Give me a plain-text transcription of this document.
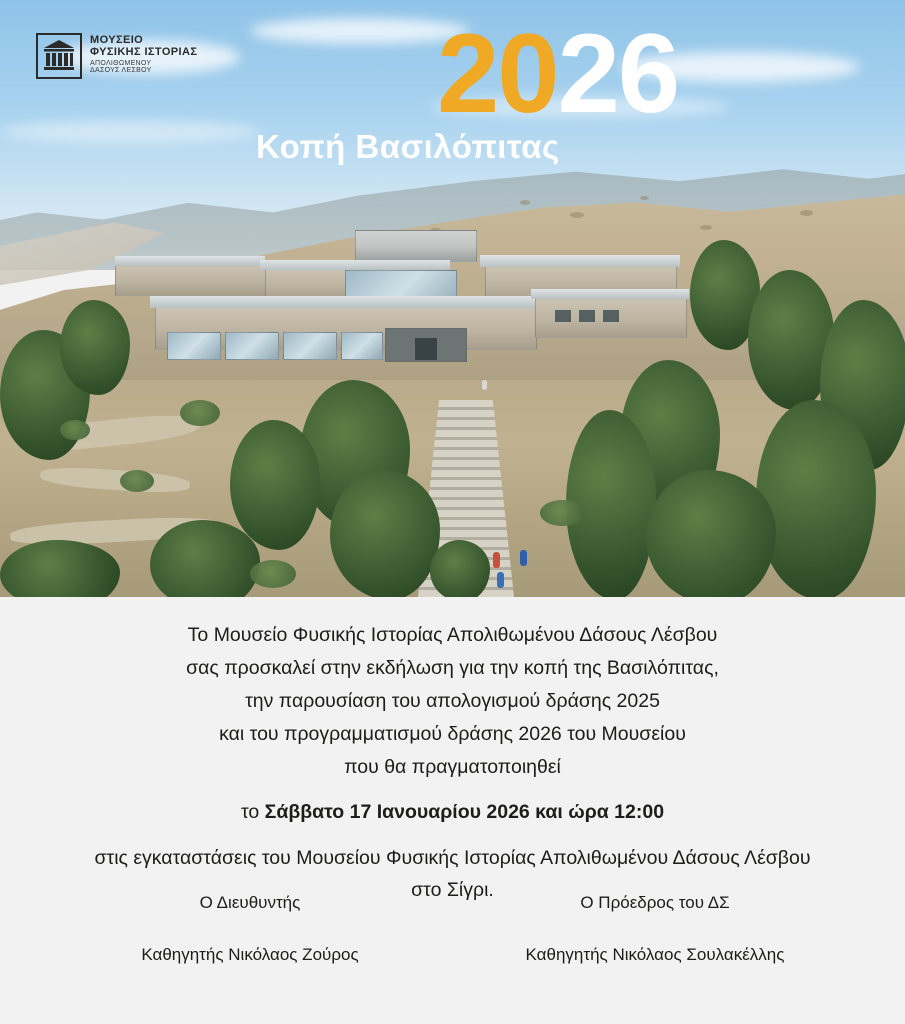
2026
Κοπή Βασιλόπιτας
ΜΟΥΣΕΙΟ
ΦΥΣΙΚΗΣ ΙΣΤΟΡΙΑΣ
ΑΠΟΛΙΘΩΜΕΝΟΥ
ΔΑΣΟΥΣ ΛΕΣΒΟΥ
Το Μουσείο Φυσικής Ιστορίας Απολιθωμένου Δάσους Λέσβου
σας προσκαλεί στην εκδήλωση για την κοπή της Βασιλόπιτας,
την παρουσίαση του απολογισμού δράσης 2025
και του προγραμματισμού δράσης 2026 του Μουσείου
που θα πραγματοποιηθεί
το Σάββατο 17 Ιανουαρίου 2026 και ώρα 12:00
στις εγκαταστάσεις του Μουσείου Φυσικής Ιστορίας Απολιθωμένου Δάσους Λέσβου
στο Σίγρι.
Ο Διευθυντής
Καθηγητής Νικόλαος Ζούρος
Ο Πρόεδρος του ΔΣ
Καθηγητής Νικόλαος Σουλακέλλης
